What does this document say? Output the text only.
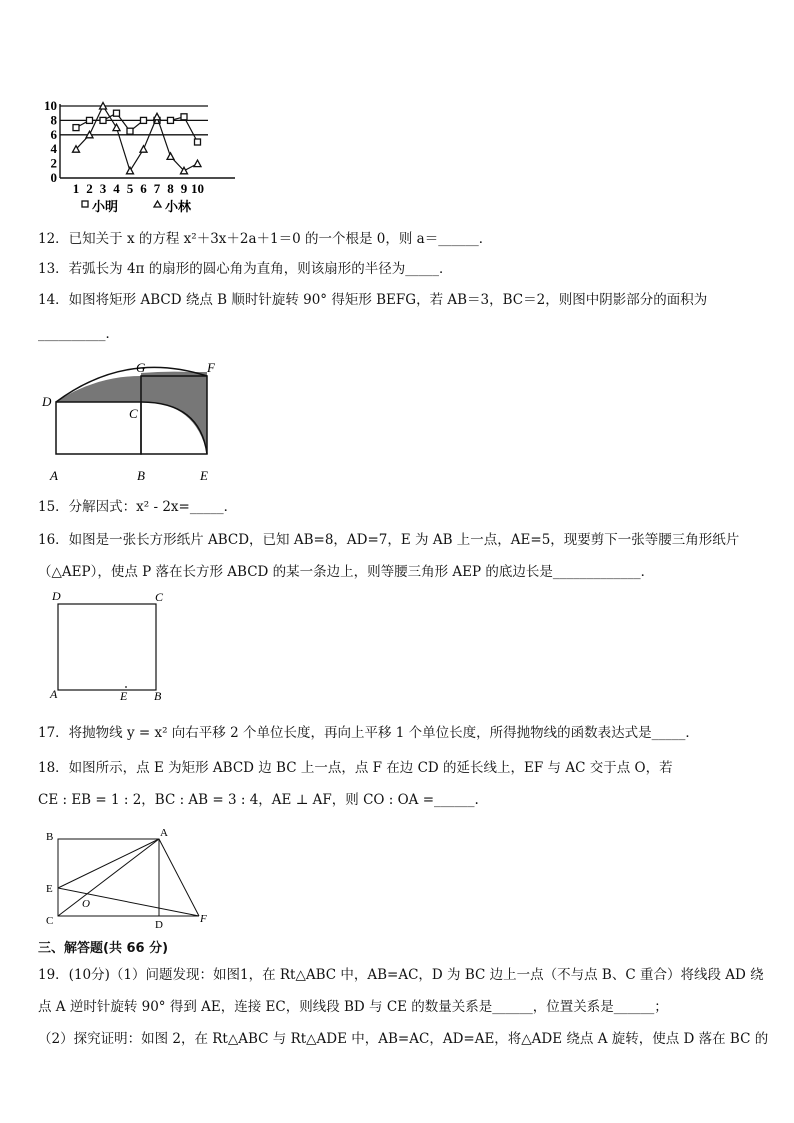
0
2
4
6
8
10
1 2 3 4 5 6 7 8 9 10
小明	小林
12．已知关于 x 的方程 x²＋3x＋2a＋1＝0 的一个根是 0，则 a＝______．
13．若弧长为 4π 的扇形的圆心角为直角，则该扇形的半径为_____．
14．如图将矩形 ABCD 绕点 B 顺时针旋转 90° 得矩形 BEFG，若 AB＝3，BC＝2，则图中阴影部分的面积为
__________．
D
G	F
C
A	B	E
15．分解因式：x² - 2x=_____．
16．如图是一张长方形纸片 ABCD，已知 AB=8，AD=7，E 为 AB 上一点，AE=5，现要剪下一张等腰三角形纸片
（△AEP），使点 P 落在长方形 ABCD 的某一条边上，则等腰三角形 AEP 的底边长是_____________．
D	C
A	E B
17．将抛物线 y = x² 向右平移 2 个单位长度，再向上平移 1 个单位长度，所得抛物线的函数表达式是_____．
18．如图所示，点 E 为矩形 ABCD 边 BC 上一点，点 F 在边 CD 的延长线上，EF 与 AC 交于点 O，若
CE : EB = 1 : 2，BC : AB = 3 : 4，AE ⊥ AF，则 CO : OA =______.
B	A
E
O
C	D	F
三、解答题(共 66 分)
19．(10分)（1）问题发现：如图1，在 Rt△ABC 中，AB=AC，D 为 BC 边上一点（不与点 B、C 重合）将线段 AD 绕
点 A 逆时针旋转 90° 得到 AE，连接 EC，则线段 BD 与 CE 的数量关系是______，位置关系是______；
（2）探究证明：如图 2，在 Rt△ABC 与 Rt△ADE 中，AB=AC，AD=AE，将△ADE 绕点 A 旋转，使点 D 落在 BC 的
